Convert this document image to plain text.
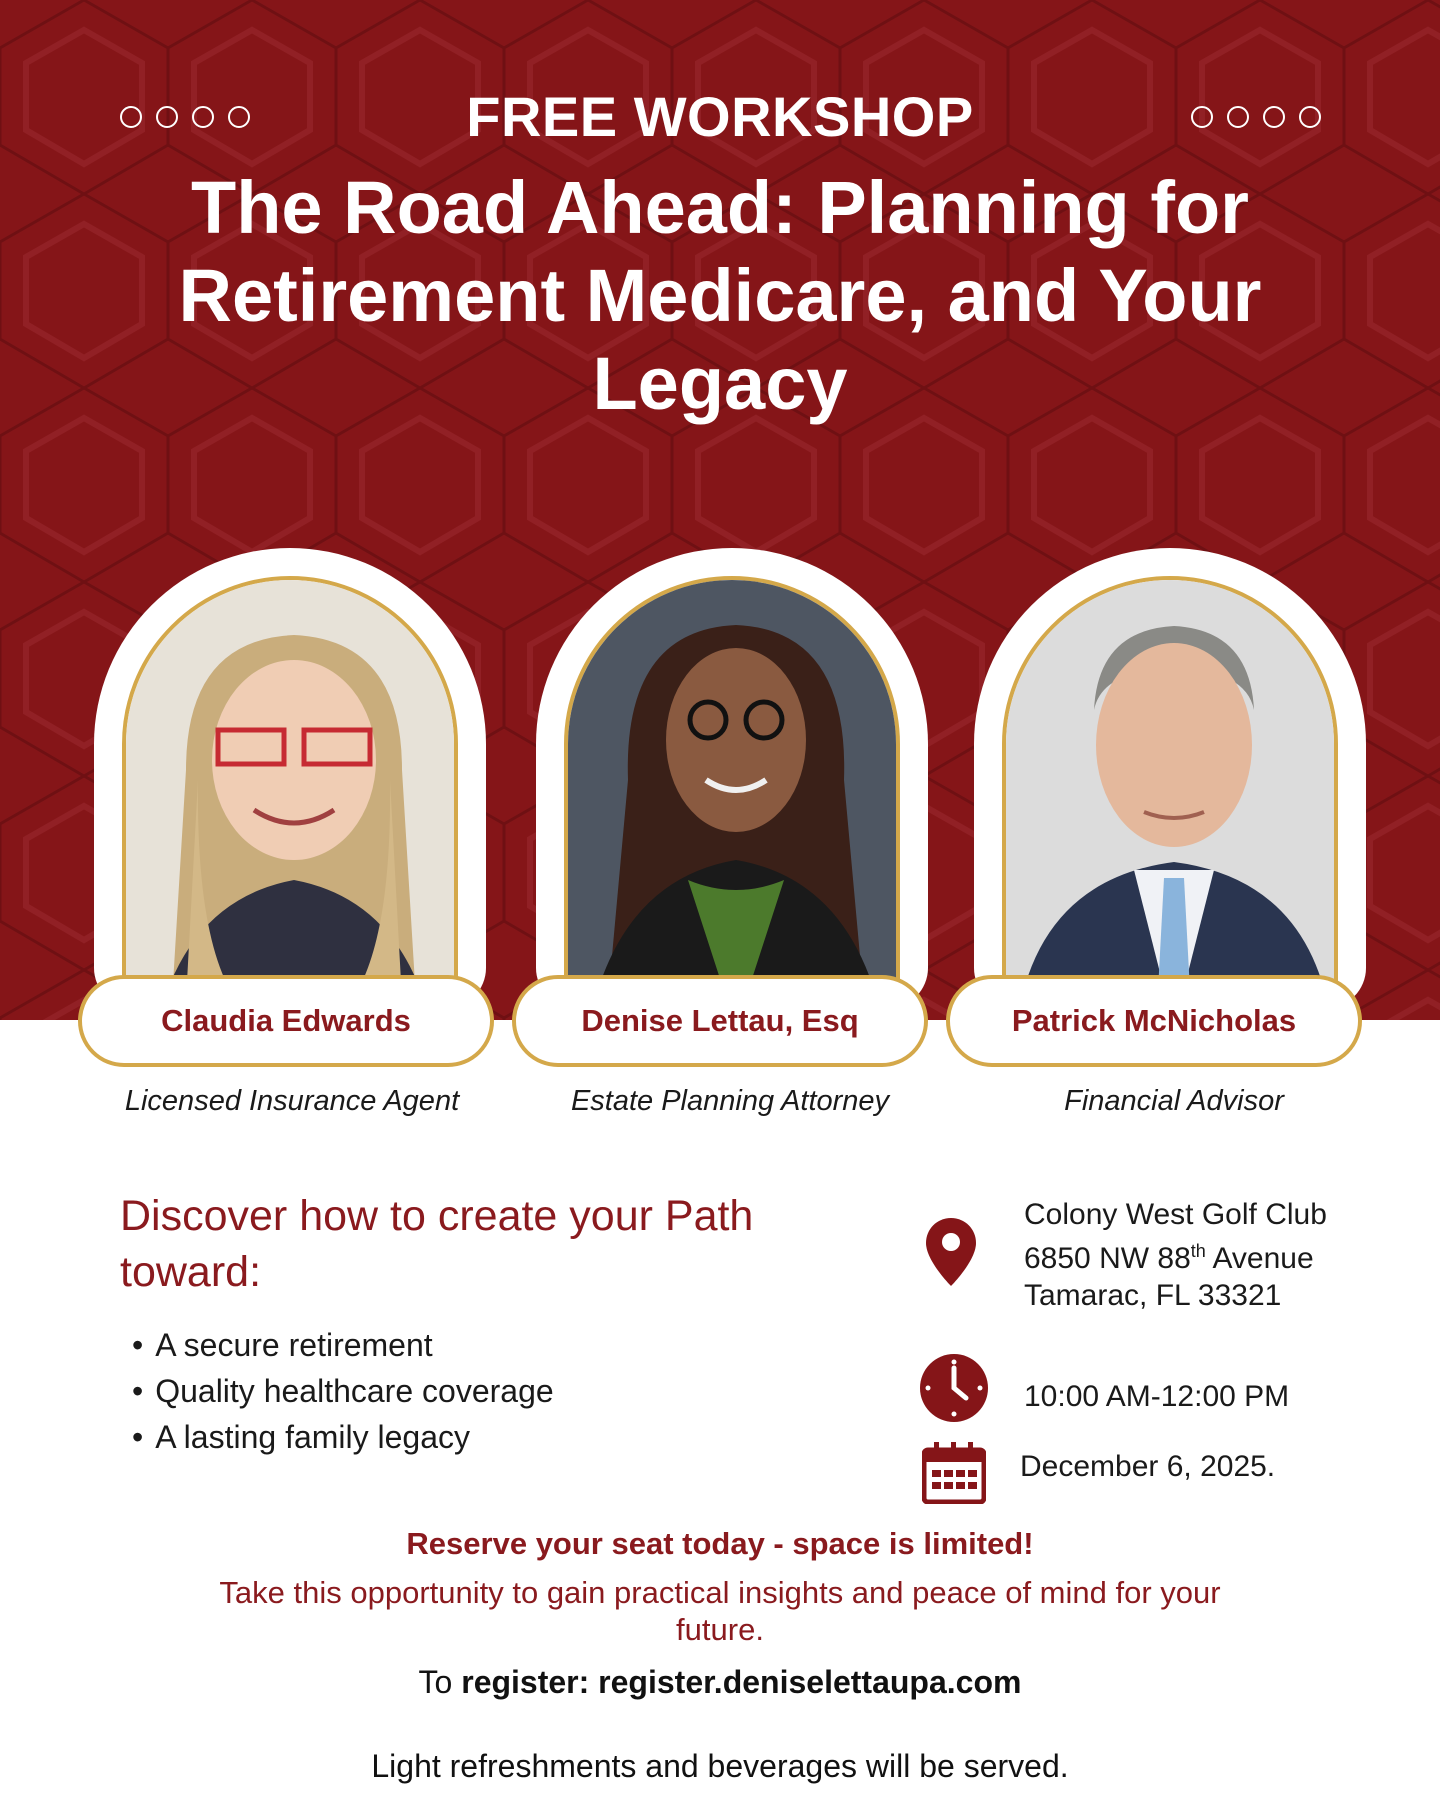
FREE WORKSHOP
The Road Ahead: Planning for Retirement Medicare, and Your Legacy
Claudia Edwards
Licensed Insurance Agent
Denise Lettau, Esq
Estate Planning Attorney
Patrick McNicholas
Financial Advisor
Discover how to create your Path toward:
• A secure retirement
• Quality healthcare coverage
• A lasting family legacy
Colony West Golf Club
6850 NW 88th Avenue
Tamarac, FL 33321
10:00 AM-12:00 PM
December 6, 2025.
Reserve your seat today - space is limited!
Take this opportunity to gain practical insights and peace of mind for your future.
To register: register.deniselettaupa.com
Light refreshments and beverages will be served.
